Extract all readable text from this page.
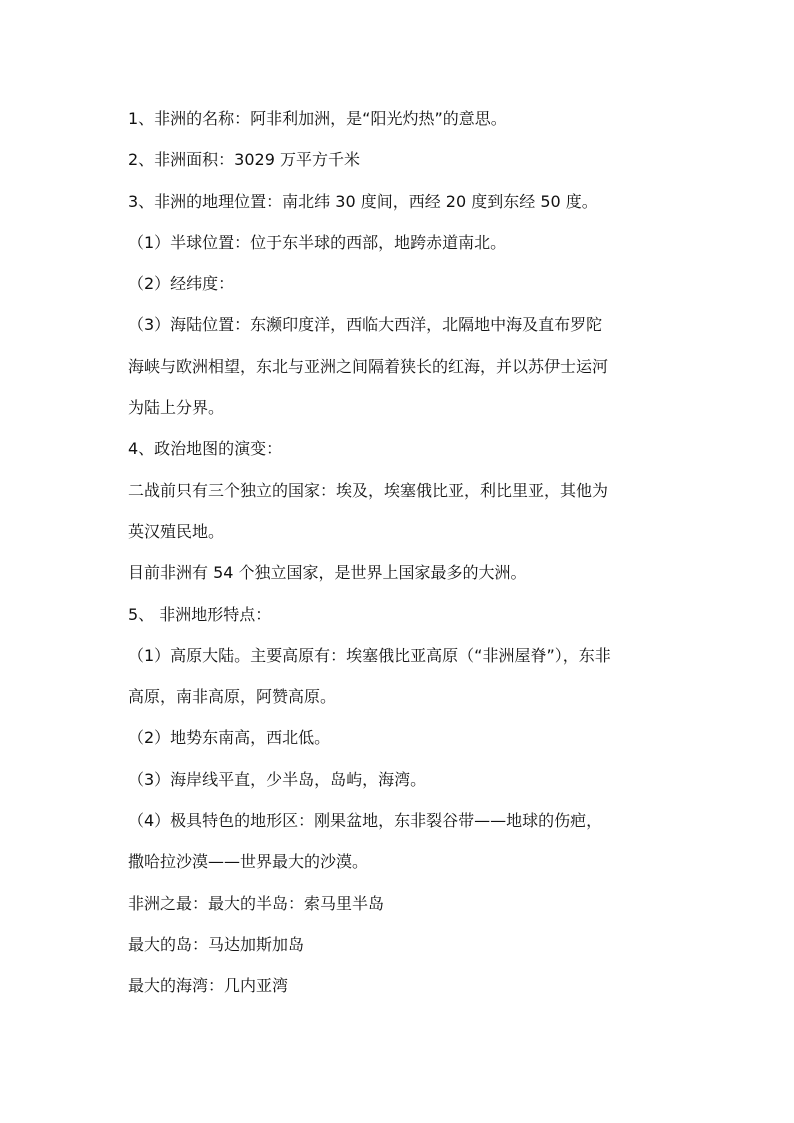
1、非洲的名称：阿非利加洲，是“阳光灼热”的意思。
2、非洲面积：3029 万平方千米
3、非洲的地理位置：南北纬 30 度间，西经 20 度到东经 50 度。
（1）半球位置：位于东半球的西部，地跨赤道南北。
（2）经纬度：
（3）海陆位置：东濒印度洋，西临大西洋，北隔地中海及直布罗陀
海峡与欧洲相望，东北与亚洲之间隔着狭长的红海，并以苏伊士运河
为陆上分界。
4、政治地图的演变：
二战前只有三个独立的国家：埃及，埃塞俄比亚，利比里亚，其他为
英汉殖民地。
目前非洲有 54 个独立国家，是世界上国家最多的大洲。
5、 非洲地形特点：
（1）高原大陆。主要高原有：埃塞俄比亚高原（“非洲屋脊”），东非
高原，南非高原，阿赞高原。
（2）地势东南高，西北低。
（3）海岸线平直，少半岛，岛屿，海湾。
（4）极具特色的地形区：刚果盆地，东非裂谷带——地球的伤疤，
撒哈拉沙漠——世界最大的沙漠。
非洲之最：最大的半岛：索马里半岛
最大的岛：马达加斯加岛
最大的海湾：几内亚湾
